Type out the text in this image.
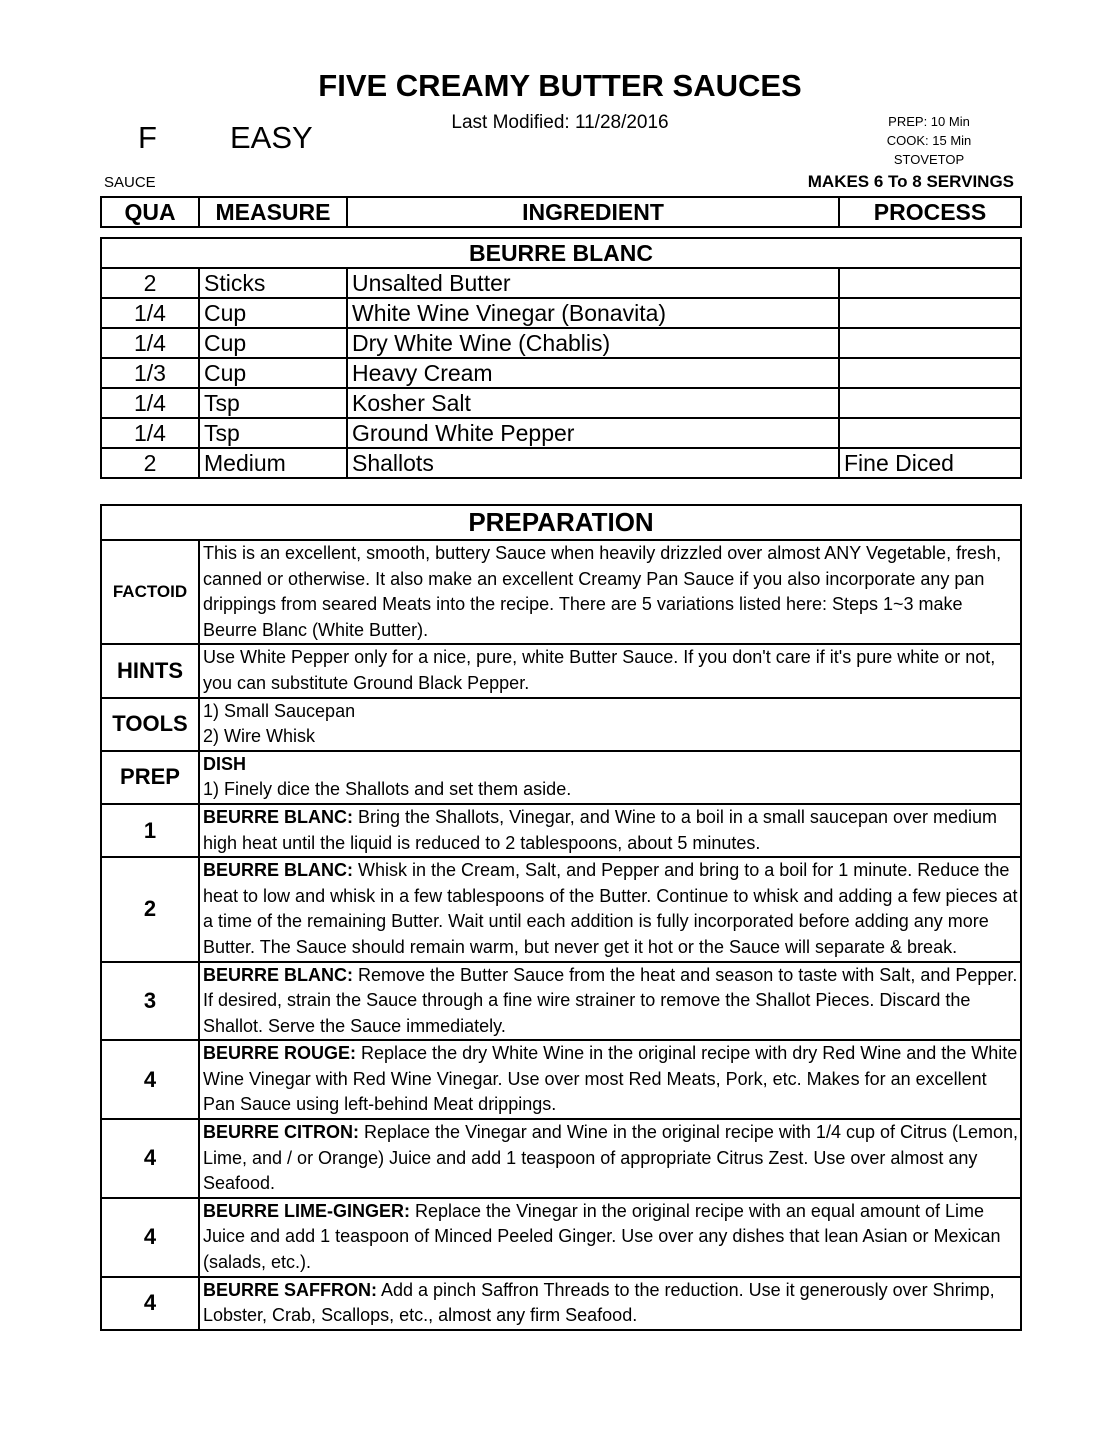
FIVE CREAMY BUTTER SAUCES
Last Modified: 11/28/2016
F EASY	PREP: 10 Min
COOK: 15 Min
STOVETOP
SAUCE	MAKES 6 To 8 SERVINGS
QUA	MEASURE	INGREDIENT	PROCESS
BEURRE BLANC			
2	Sticks	Unsalted Butter	
1/4	Cup	White Wine Vinegar (Bonavita)	
1/4	Cup	Dry White Wine (Chablis)	
1/3	Cup	Heavy Cream	
1/4	Tsp	Kosher Salt	
1/4	Tsp	Ground White Pepper	
2	Medium	Shallots	Fine Diced
PREPARATION	
FACTOID	This is an excellent, smooth, buttery Sauce when heavily drizzled over almost ANY Vegetable, fresh, canned or otherwise. It also make an excellent Creamy Pan Sauce if you also incorporate any pan drippings from seared Meats into the recipe. There are 5 variations listed here: Steps 1~3 make Beurre Blanc (White Butter).
HINTS	Use White Pepper only for a nice, pure, white Butter Sauce. If you don't care if it's pure white or not, you can substitute Ground Black Pepper.
TOOLS	1) Small Saucepan
2) Wire Whisk

PREP	DISH
1) Finely dice the Shallots and set them aside.

1	BEURRE BLANC: Bring the Shallots, Vinegar, and Wine to a boil in a small saucepan over medium high heat until the liquid is reduced to 2 tablespoons, about 5 minutes.
2	BEURRE BLANC: Whisk in the Cream, Salt, and Pepper and bring to a boil for 1 minute. Reduce the heat to low and whisk in a few tablespoons of the Butter. Continue to whisk and adding a few pieces at a time of the remaining Butter. Wait until each addition is fully incorporated before adding any more Butter. The Sauce should remain warm, but never get it hot or the Sauce will separate & break.
3	BEURRE BLANC: Remove the Butter Sauce from the heat and season to taste with Salt, and Pepper. If desired, strain the Sauce through a fine wire strainer to remove the Shallot Pieces. Discard the Shallot. Serve the Sauce immediately.
4	BEURRE ROUGE: Replace the dry White Wine in the original recipe with dry Red Wine and the White Wine Vinegar with Red Wine Vinegar. Use over most Red Meats, Pork, etc. Makes for an excellent Pan Sauce using left-behind Meat drippings.
4	BEURRE CITRON: Replace the Vinegar and Wine in the original recipe with 1/4 cup of Citrus (Lemon, Lime, and / or Orange) Juice and add 1 teaspoon of appropriate Citrus Zest. Use over almost any Seafood.
4	BEURRE LIME-GINGER: Replace the Vinegar in the original recipe with an equal amount of Lime Juice and add 1 teaspoon of Minced Peeled Ginger. Use over any dishes that lean Asian or Mexican (salads, etc.).
4	BEURRE SAFFRON: Add a pinch Saffron Threads to the reduction. Use it generously over Shrimp, Lobster, Crab, Scallops, etc., almost any firm Seafood.
